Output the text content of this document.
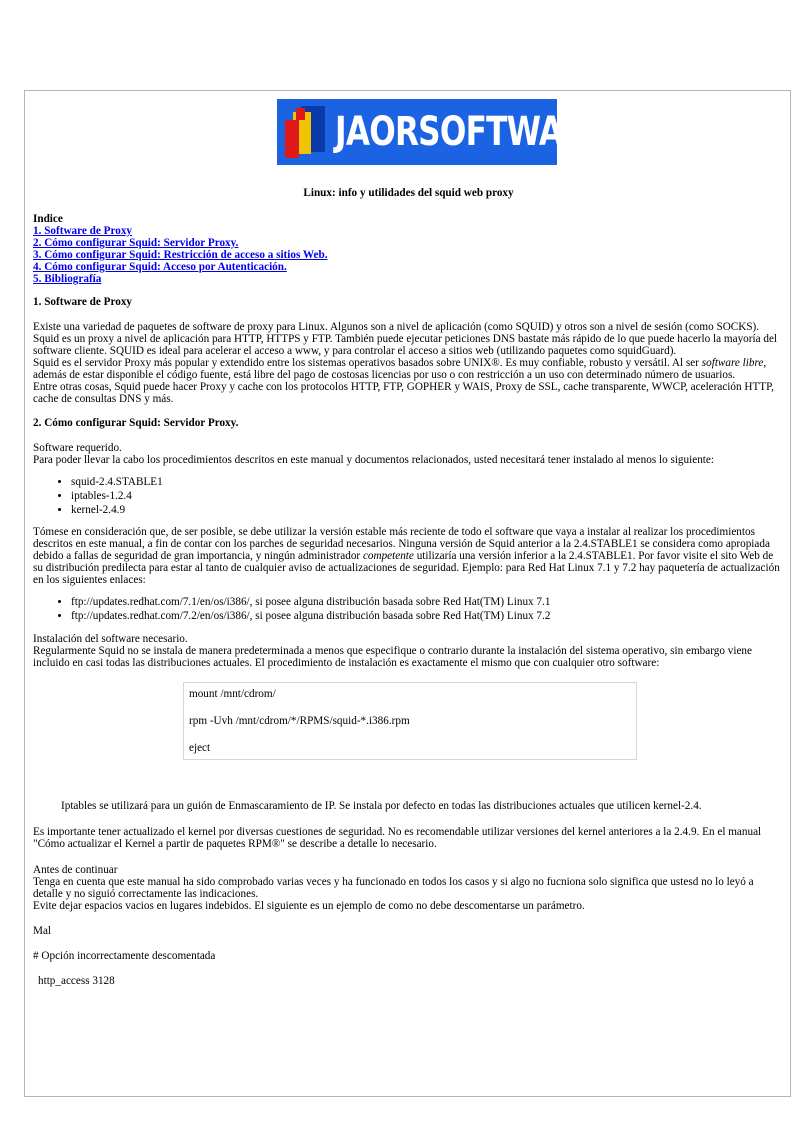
JAORSOFTWARE
Linux: info y utilidades del squid web proxy
Indice
1. Software de Proxy
2. Cómo configurar Squid: Servidor Proxy.
3. Cómo configurar Squid: Restricción de acceso a sitios Web.
4. Cómo configurar Squid: Acceso por Autenticación.
5. Bibliografía
1. Software de Proxy

Existe una variedad de paquetes de software de proxy para Linux. Algunos son a nivel de aplicación (como SQUID) y otros son a nivel de sesión (como SOCKS). Squid es un proxy a nivel de aplicación para HTTP, HTTPS y FTP. También puede ejecutar peticiones DNS bastate más rápido de lo que puede hacerlo la mayoría del software cliente. SQUID es ideal para acelerar el acceso a www, y para controlar el acceso a sitios web (utilizando paquetes como squidGuard).

Squid es el servidor Proxy más popular y extendido entre los sistemas operativos basados sobre UNIX®. Es muy confiable, robusto y versátil. Al ser software libre, además de estar disponible el código fuente, está libre del pago de costosas licencias por uso o con restricción a un uso con determinado número de usuarios.

Entre otras cosas, Squid puede hacer Proxy y cache con los protocolos HTTP, FTP, GOPHER y WAIS, Proxy de SSL, cache transparente, WWCP, aceleración HTTP, cache de consultas DNS y más.

2. Cómo configurar Squid: Servidor Proxy.

Software requerido.

Para poder llevar la cabo los procedimientos descritos en este manual y documentos relacionados, usted necesitará tener instalado al menos lo siguiente:

• squid-2.4.STABLE1
• iptables-1.2.4
• kernel-2.4.9

Tómese en consideración que, de ser posible, se debe utilizar la versión estable más reciente de todo el software que vaya a instalar al realizar los procedimientos descritos en este manual, a fin de contar con los parches de seguridad necesarios. Ninguna versión de Squid anterior a la 2.4.STABLE1 se considera como apropiada debido a fallas de seguridad de gran importancia, y ningún administrador competente utilizaría una versión inferior a la 2.4.STABLE1. Por favor visite el sito Web de su distribución predilecta para estar al tanto de cualquier aviso de actualizaciones de seguridad. Ejemplo: para Red Hat Linux 7.1 y 7.2 hay paquetería de actualización en los siguientes enlaces:

• ftp://updates.redhat.com/7.1/en/os/i386/, si posee alguna distribución basada sobre Red Hat(TM) Linux 7.1
• ftp://updates.redhat.com/7.2/en/os/i386/, si posee alguna distribución basada sobre Red Hat(TM) Linux 7.2

Instalación del software necesario.

Regularmente Squid no se instala de manera predeterminada a menos que especifique o contrario durante la instalación del sistema operativo, sin embargo viene incluido en casi todas las distribuciones actuales. El procedimiento de instalación es exactamente el mismo que con cualquier otro software:

mount /mnt/cdrom/
rpm -Uvh /mnt/cdrom/*/RPMS/squid-*.i386.rpm
eject

Iptables se utilizará para un guión de Enmascaramiento de IP. Se instala por defecto en todas las distribuciones actuales que utilicen kernel-2.4.

Es importante tener actualizado el kernel por diversas cuestiones de seguridad. No es recomendable utilizar versiones del kernel anteriores a la 2.4.9. En el manual "Cómo actualizar el Kernel a partir de paquetes RPM®" se describe a detalle lo necesario.

Antes de continuar

Tenga en cuenta que este manual ha sido comprobado varias veces y ha funcionado en todos los casos y si algo no fucniona solo significa que ustesd no lo leyó a detalle y no siguió correctamente las indicaciones.

Evite dejar espacios vacios en lugares indebidos. El siguiente es un ejemplo de como no debe descomentarse un parámetro.

Mal

# Opción incorrectamente descomentada

http_access 3128
